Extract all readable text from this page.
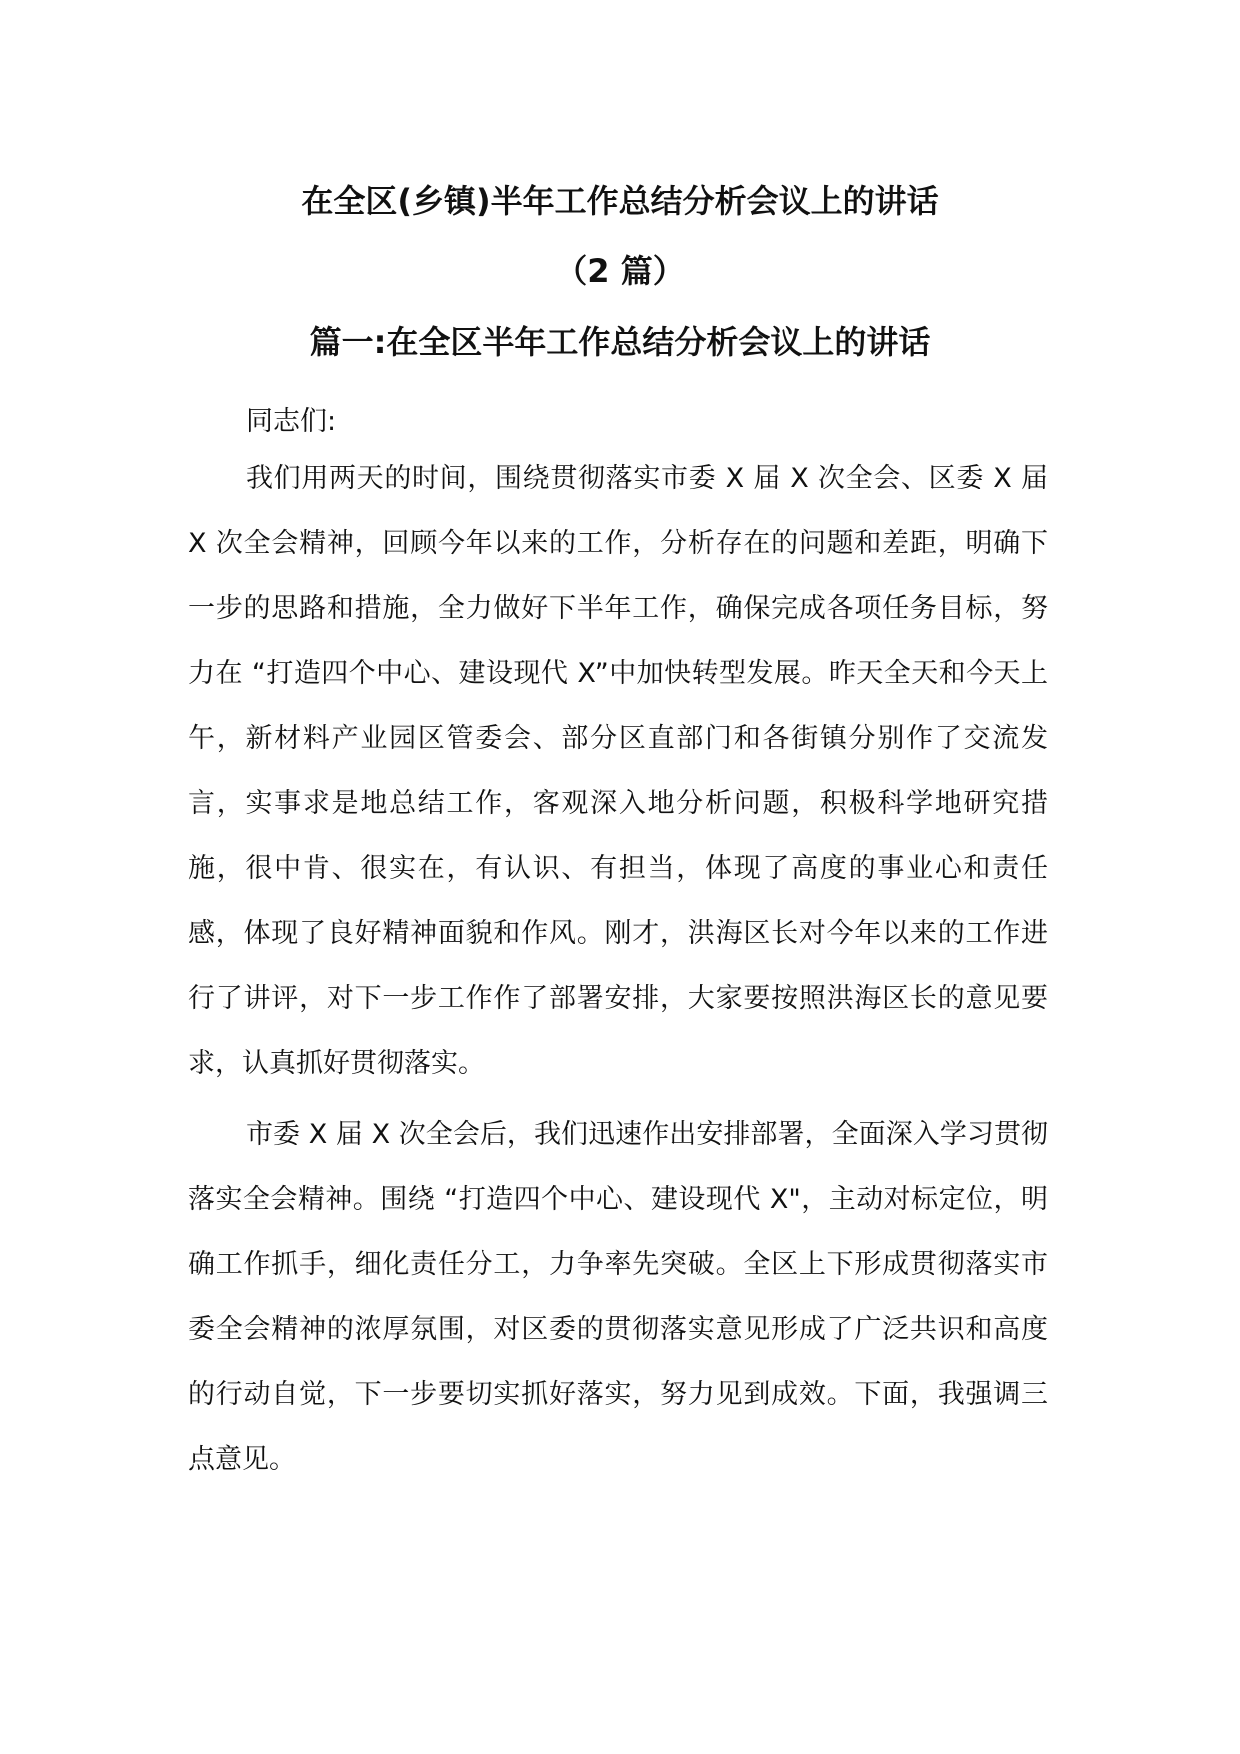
在全区(乡镇)半年工作总结分析会议上的讲话
（2 篇）
篇一:在全区半年工作总结分析会议上的讲话

同志们:

我们用两天的时间，围绕贯彻落实市委 X 届 X 次全会、区委 X 届 X 次全会精神，回顾今年以来的工作，分析存在的问题和差距，明确下一步的思路和措施，全力做好下半年工作，确保完成各项任务目标，努力在 “打造四个中心、建设现代 X”中加快转型发展。昨天全天和今天上午，新材料产业园区管委会、部分区直部门和各街镇分别作了交流发言，实事求是地总结工作，客观深入地分析问题，积极科学地研究措施，很中肯、很实在，有认识、有担当，体现了高度的事业心和责任感，体现了良好精神面貌和作风。刚才，洪海区长对今年以来的工作进行了讲评，对下一步工作作了部署安排，大家要按照洪海区长的意见要求，认真抓好贯彻落实。

市委 X 届 X 次全会后，我们迅速作出安排部署，全面深入学习贯彻落实全会精神。围绕 “打造四个中心、建设现代 X"，主动对标定位，明确工作抓手，细化责任分工，力争率先突破。全区上下形成贯彻落实市委全会精神的浓厚氛围，对区委的贯彻落实意见形成了广泛共识和高度的行动自觉，下一步要切实抓好落实，努力见到成效。下面，我强调三点意见。
